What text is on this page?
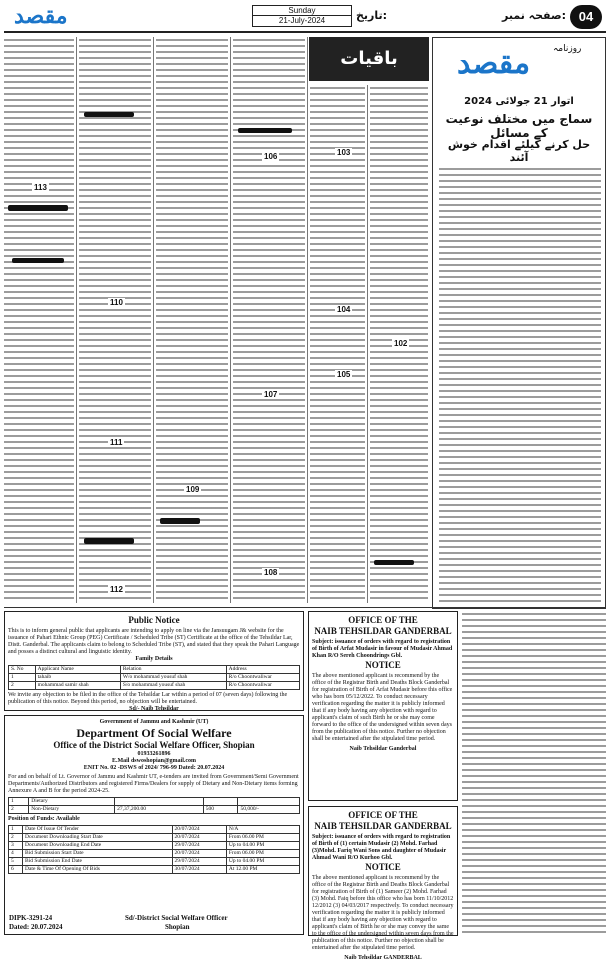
مقصد	Sunday
21-July-2024	تاریخ:	صفحہ نمبر: 04
102
103
104
105
106
107
108
109
110
111
112
113
باقیات	روزنامہ
مقصد
اتوار 21 جولائی 2024
سماج میں مختلف نوعیت کے مسائل
حل کرنے کیلئے اقدام خوش آئند
Public Notice

This is to inform general public that applicants are intending to apply on line via the Jansuugam J& website for the issuance of Pahari Ethnic Group (PEG) Certificate / Scheduled Tribe (ST) Certificate at the office of the Tehsildar Lar, Distt. Ganderbal. The applicants claim to belong to Scheduled Tribe (ST), and stated that they speak the Pahari Language and posses a distinct cultural and linguistic identity.

Family Details
S. No	Applicant Name	Relation	Address
1	tahaib	W/o mohammad yousuf shah	R/o Choontwaliwar
2	mohammad samir shah	S/o mohammad yousuf shah	R/o Choontwaliwar

We invite any objection to be filed in the office of the Tehsildar Lar within a period of 07 (seven days) following the publication of this notice. Beyond this period, no objection will be entertained.

Sd/- Naib Tehsildar
Government of Jammu and Kashmir (UT)
Department Of Social Welfare
Office of the District Social Welfare Officer, Shopian
01933261896
E.Mail dswoshopian@gmail.com
ENIT No. 02 -DSWS of 2024/ 796-99 Dated: 20.07.2024

For and on behalf of Lt. Governor of Jammu and Kashmir UT, e-tenders are invited from Government/Semi Government Departments/Authorized Distributors and registered Firms/Dealers for supply of Dietary and Non-Dietary items forming Annexure A and B for the period 2024-25.

1	Dietary			
2	Non-Dietary	27,37,200.00	500	50,000/-
Position of Funds: Available
1	Date Of Issue Of Tender	20/07/2024	N/A
2	Document Downloading Start Date	20/07/2024	From 06.00 PM
3	Document Downloading End Date	29/07/2024	Up to 04.00 PM
4	Bid Submission Start Date	20/07/2024	From 06.00 PM
5	Bid Submission End Date	29/07/2024	Up to 04.00 PM
6	Date & Time Of Opening Of Bids	30/07/2024	At 12.00 PM
DIPK-3291-24
Dated: 20.07.2024
Sd/-District Social Welfare Officer
Shopian
OFFICE OF THE
NAIB TEHSILDAR GANDERBAL

Subject: issuance of orders with regard to registration of Birth of Arfat Mudasir in favour of Mudasir Ahmad Khan R/O Sereh Choondrings Gbl.

NOTICE

The above mentioned applicant is recommend by the office of the Registrar Birth and Deaths Block Ganderbal for registration of Birth of Arfat Mudasir before this office who has born 05/12/2022. To conduct necessary verification regarding the matter it is publicly informed that if any body having any objection with regard to applicant's claim of such Birth he or she may come forward to the office of the undersigned within seven days from the publication of this notice. Further no objection shall be entertained after the stipulated time period.

Naib Tehsildar Ganderbal
OFFICE OF THE
NAIB TEHSILDAR GANDERBAL

Subject: issuance of orders with regard to registration of Birth of (1) certain Mudasir (2) Mohd. Farhad (3)Mohd. Fariq Wani Sons and daughter of Mudasir Ahmad Wani R/O Kurhoo Gbl.

NOTICE

The above mentioned applicant is recommend by the office of the Registrar Birth and Deaths Block Ganderbal for registration of Birth of (1) Sameer (2) Mohd. Farhad (3) Mohd. Faiq before this office who has born 11/10/2012 12/2012 (3) 04/03/2017 respectively. To conduct necessary verification regarding the matter it is publicly informed that if any body having any objection with regard to applicant's claim of Birth he or she may convey the same to the office of the undersigned within seven days from the publication of this notice. Further no objection shall be entertained after the stipulated time period.

Naib Tehsildar GANDERBAL
